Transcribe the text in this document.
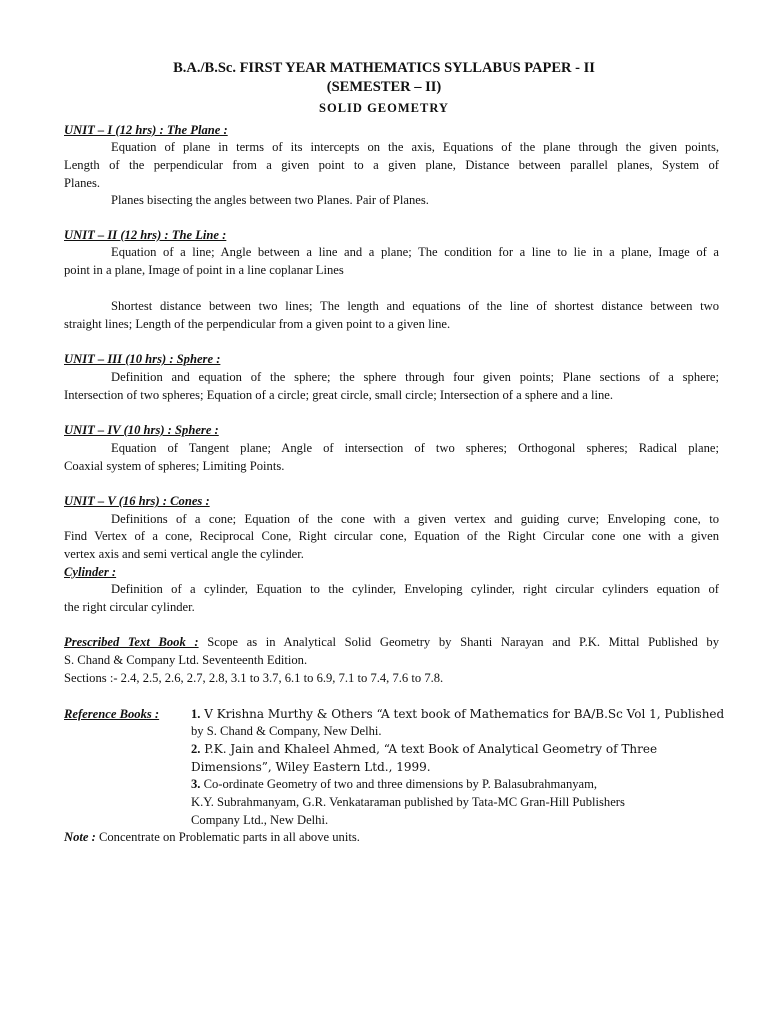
B.A./B.Sc. FIRST YEAR MATHEMATICS SYLLABUS PAPER - II
(SEMESTER – II)
SOLID GEOMETRY
UNIT – I (12 hrs) : The Plane :
Equation of plane in terms of its intercepts on the axis, Equations of the plane through the given points,
Length of the perpendicular from a given point to a given plane, Distance between parallel planes, System of
Planes.
Planes bisecting the angles between two Planes. Pair of Planes.
UNIT – II (12 hrs) : The Line :
Equation of a line; Angle between a line and a plane; The condition for a line to lie in a plane, Image of a
point in a plane, Image of point in a line coplanar Lines
Shortest distance between two lines; The length and equations of the line of shortest distance between two
straight lines; Length of the perpendicular from a given point to a given line.
UNIT – III (10 hrs) : Sphere :
Definition and equation of the sphere; the sphere through four given points; Plane sections of a sphere;
Intersection of two spheres; Equation of a circle; great circle, small circle; Intersection of a sphere and a line.
UNIT – IV (10 hrs) : Sphere :
Equation of Tangent plane; Angle of intersection of two spheres; Orthogonal spheres; Radical plane;
Coaxial system of spheres; Limiting Points.
UNIT – V (16 hrs) : Cones :
Definitions of a cone; Equation of the cone with a given vertex and guiding curve; Enveloping cone, to
Find Vertex of a cone, Reciprocal Cone, Right circular cone, Equation of the Right Circular cone one with a given
vertex axis and semi vertical angle the cylinder.
Cylinder :
Definition of a cylinder, Equation to the cylinder, Enveloping cylinder, right circular cylinders equation of
the right circular cylinder.
Prescribed Text Book : Scope as in Analytical Solid Geometry by Shanti Narayan and P.K. Mittal Published by
S. Chand & Company Ltd. Seventeenth Edition.
Sections :- 2.4, 2.5, 2.6, 2.7, 2.8, 3.1 to 3.7, 6.1 to 6.9, 7.1 to 7.4, 7.6 to 7.8.
Reference Books :	1. V Krishna Murthy & Others “A text book of Mathematics for BA/B.Sc Vol 1, Published
by S. Chand & Company, New Delhi.
2. P.K. Jain and Khaleel Ahmed, “A text Book of Analytical Geometry of Three
Dimensions”, Wiley Eastern Ltd., 1999.
3. Co-ordinate Geometry of two and three dimensions by P. Balasubrahmanyam,
K.Y. Subrahmanyam, G.R. Venkataraman published by Tata-MC Gran-Hill Publishers
Company Ltd., New Delhi.
Note : Concentrate on Problematic parts in all above units.
